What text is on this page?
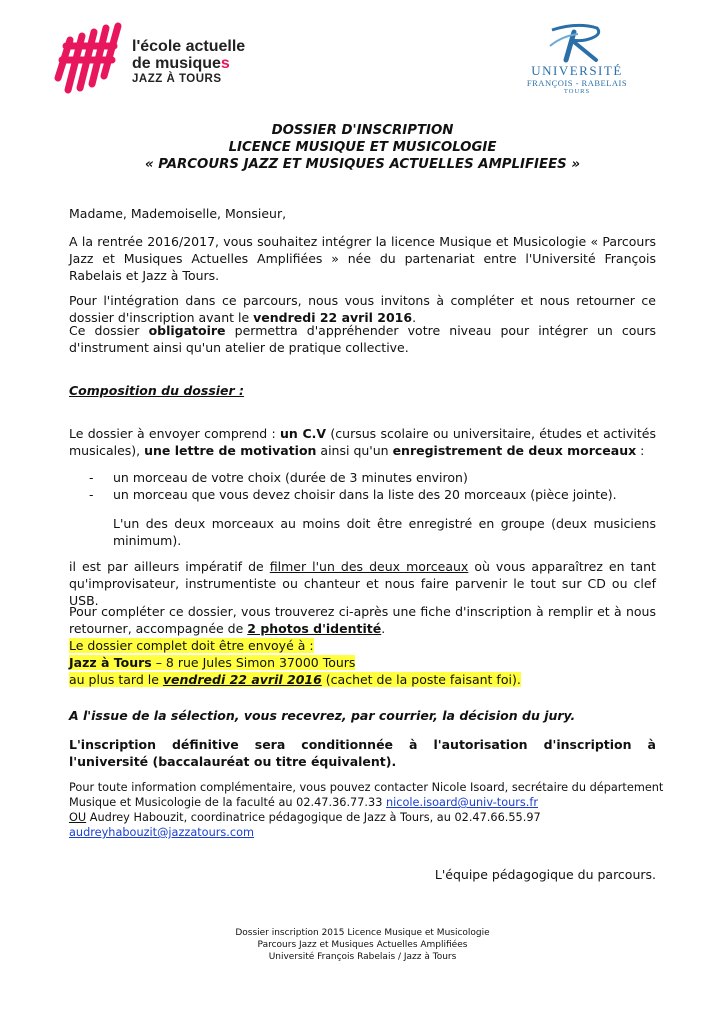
l'école actuelle
de musiques
JAZZ À TOURS
UNIVERSITÉ
FRANÇOIS - RABELAIS
TOURS
DOSSIER D'INSCRIPTION
LICENCE MUSIQUE ET MUSICOLOGIE
« PARCOURS JAZZ ET MUSIQUES ACTUELLES AMPLIFIEES »

Madame, Mademoiselle, Monsieur,

A la rentrée 2016/2017, vous souhaitez intégrer la licence Musique et Musicologie « Parcours Jazz et Musiques Actuelles Amplifiées » née du partenariat entre l'Université François Rabelais et Jazz à Tours.

Pour l'intégration dans ce parcours, nous vous invitons à compléter et nous retourner ce dossier d'inscription avant le vendredi 22 avril 2016.

Ce dossier obligatoire permettra d'appréhender votre niveau pour intégrer un cours d'instrument ainsi qu'un atelier de pratique collective.

Composition du dossier :

Le dossier à envoyer comprend : un C.V (cursus scolaire ou universitaire, études et activités musicales), une lettre de motivation ainsi qu'un enregistrement de deux morceaux :

- un morceau de votre choix (durée de 3 minutes environ)
- un morceau que vous devez choisir dans la liste des 20 morceaux (pièce jointe).

L'un des deux morceaux au moins doit être enregistré en groupe (deux musiciens minimum).

il est par ailleurs impératif de filmer l'un des deux morceaux où vous apparaîtrez en tant qu'improvisateur, instrumentiste ou chanteur et nous faire parvenir le tout sur CD ou clef USB.

Pour compléter ce dossier, vous trouverez ci-après une fiche d'inscription à remplir et à nous retourner, accompagnée de 2 photos d'identité.

Le dossier complet doit être envoyé à :
Jazz à Tours – 8 rue Jules Simon 37000 Tours
au plus tard le vendredi 22 avril 2016 (cachet de la poste faisant foi).

A l'issue de la sélection, vous recevrez, par courrier, la décision du jury.

L'inscription définitive sera conditionnée à l'autorisation d'inscription à l'université (baccalauréat ou titre équivalent).

Pour toute information complémentaire, vous pouvez contacter Nicole Isoard, secrétaire du département
Musique et Musicologie de la faculté au 02.47.36.77.33 nicole.isoard@univ-tours.fr
OU Audrey Habouzit, coordinatrice pédagogique de Jazz à Tours, au 02.47.66.55.97
audreyhabouzit@jazzatours.com

L'équipe pédagogique du parcours.

Dossier inscription 2015 Licence Musique et Musicologie
Parcours Jazz et Musiques Actuelles Amplifiées
Université François Rabelais / Jazz à Tours
